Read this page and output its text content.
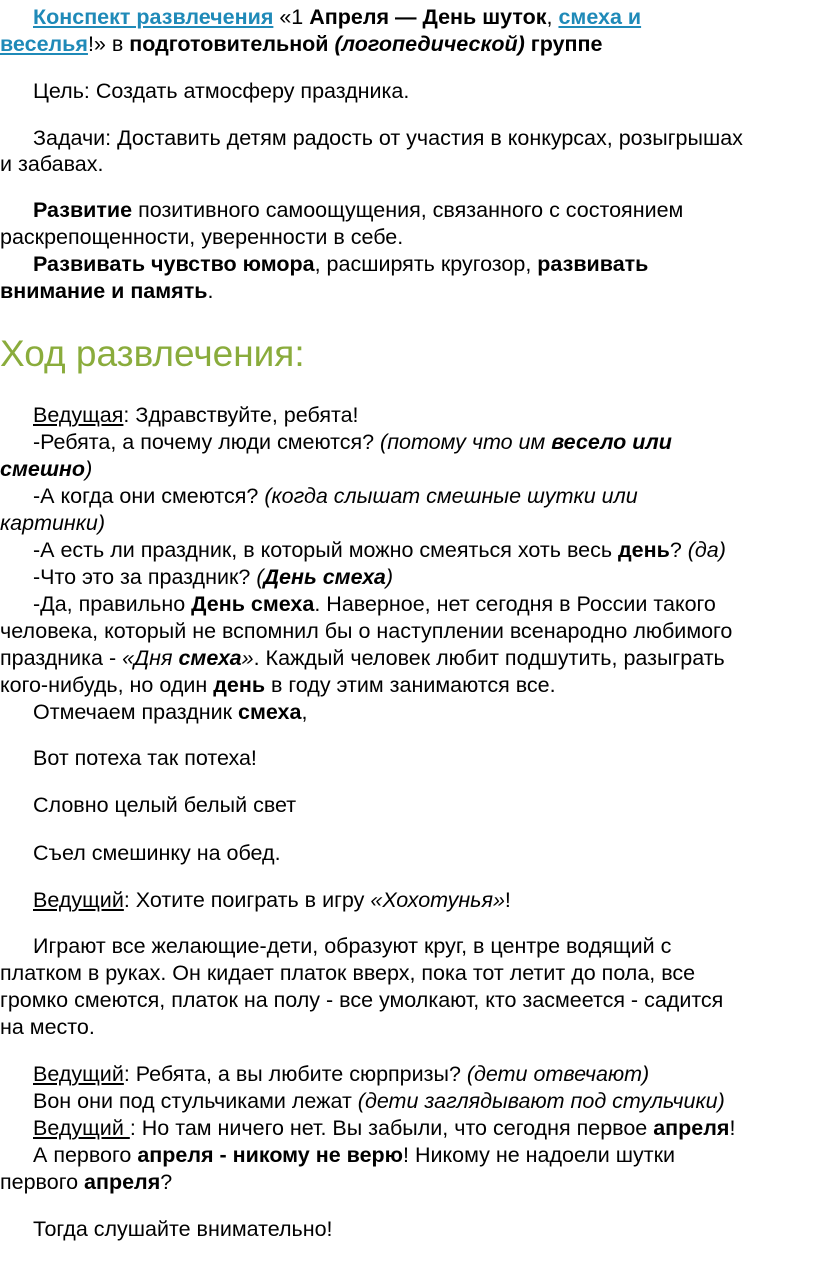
Конспект развлечения «1 Апреля — День шуток, смеха и
веселья!» в подготовительной (логопедической) группе
Цель: Создать атмосферу праздника.
Задачи: Доставить детям радость от участия в конкурсах, розыгрышах
и забавах.
Развитие позитивного самоощущения, связанного с состоянием
раскрепощенности, уверенности в себе.
Развивать чувство юмора, расширять кругозор, развивать
внимание и память.
Ход развлечения:
Ведущая: Здравствуйте, ребята!
-Ребята, а почему люди смеются? (потому что им весело или
смешно)
-А когда они смеются? (когда слышат смешные шутки или
картинки)
-А есть ли праздник, в который можно смеяться хоть весь день? (да)
-Что это за праздник? (День смеха)
-Да, правильно День смеха. Наверное, нет сегодня в России такого
человека, который не вспомнил бы о наступлении всенародно любимого
праздника - «Дня смеха». Каждый человек любит подшутить, разыграть
кого-нибудь, но один день в году этим занимаются все.
Отмечаем праздник смеха,
Вот потеха так потеха!
Словно целый белый свет
Съел смешинку на обед.
Ведущий: Хотите поиграть в игру «Хохотунья»!
Играют все желающие-дети, образуют круг, в центре водящий с
платком в руках. Он кидает платок вверх, пока тот летит до пола, все
громко смеются, платок на полу - все умолкают, кто засмеется - садится
на место.
Ведущий: Ребята, а вы любите сюрпризы? (дети отвечают)
Вон они под стульчиками лежат (дети заглядывают под стульчики)
Ведущий : Но там ничего нет. Вы забыли, что сегодня первое апреля!
А первого апреля - никому не верю! Никому не надоели шутки
первого апреля?
Тогда слушайте внимательно!
